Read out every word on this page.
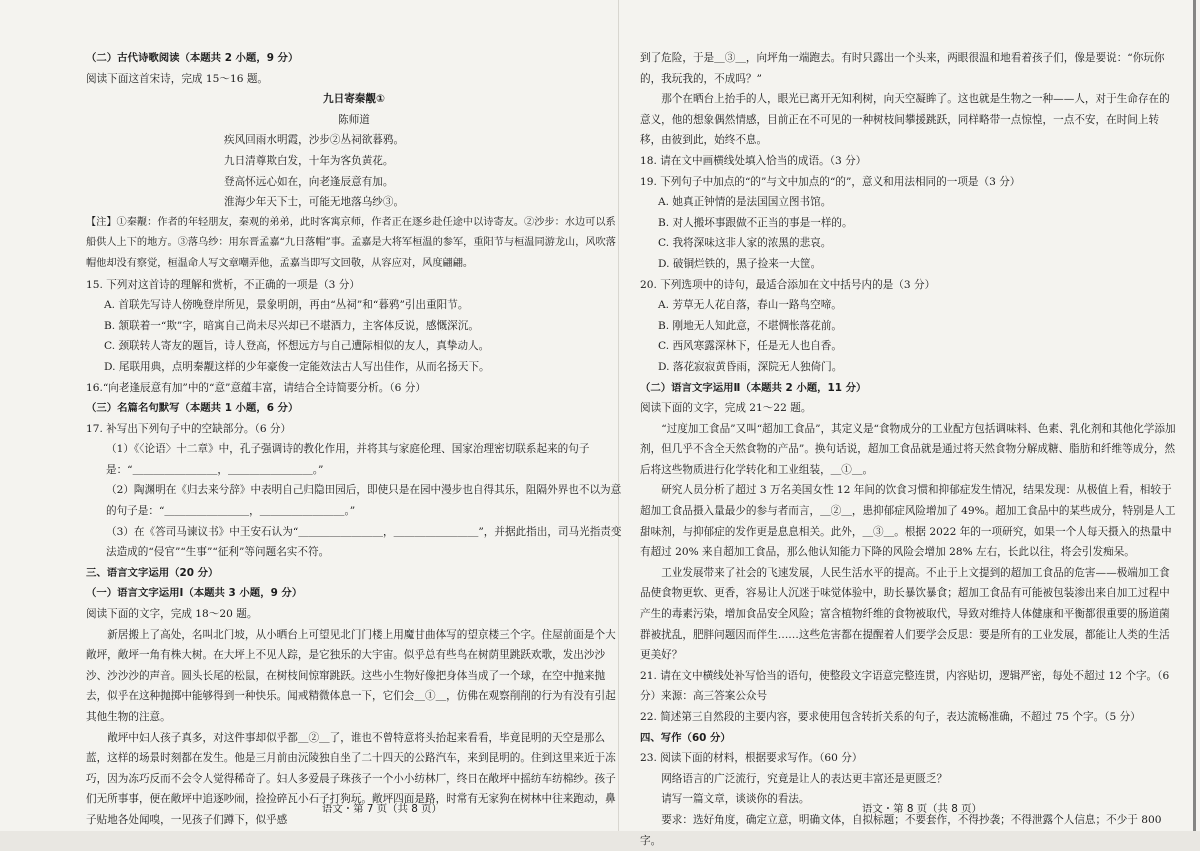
（二）古代诗歌阅读（本题共 2 小题，9 分）

阅读下面这首宋诗，完成 15～16 题。

九日寄秦觏①

陈师道

疾风回雨水明霞，沙步②丛祠欲暮鸦。

九日清尊欺白发，十年为客负黄花。

登高怀远心如在，向老逢辰意有加。

淮海少年天下士，可能无地落乌纱③。

【注】①秦觏：作者的年轻朋友，秦观的弟弟，此时客寓京师，作者正在逐乡赴任途中以诗寄友。②沙步：水边可以系船供人上下的地方。③落乌纱：用东晋孟嘉“九日落帽”事。孟嘉是大将军桓温的参军，重阳节与桓温同游龙山，风吹落帽他却没有察觉，桓温命人写文章嘲弄他，孟嘉当即写文回敬，从容应对，风度翩翩。

15. 下列对这首诗的理解和赏析，不正确的一项是（3 分）

A. 首联先写诗人傍晚登岸所见，景象明朗，再由“丛祠”和“暮鸦”引出重阳节。

B. 颔联着一“欺”字，暗寓自己尚未尽兴却已不堪酒力，主客体反说，感慨深沉。

C. 颈联转人寄友的题旨，诗人登高，怀想远方与自己遭际相似的友人，真挚动人。

D. 尾联用典，点明秦觏这样的少年豪俊一定能效法古人写出佳作，从而名扬天下。

16.“向老逢辰意有加”中的“意”意蕴丰富，请结合全诗简要分析。（6 分）

（三）名篇名句默写（本题共 1 小题，6 分）

17. 补写出下列句子中的空缺部分。（6 分）

（1）《〈论语〉十二章》中，孔子强调诗的教化作用，并将其与家庭伦理、国家治理密切联系起来的句子是：“＿＿＿＿＿＿＿＿，＿＿＿＿＿＿＿＿。”

（2）陶渊明在《归去来兮辞》中表明自己归隐田园后，即使只是在园中漫步也自得其乐，阻隔外界也不以为意的句子是：“＿＿＿＿＿＿＿＿，＿＿＿＿＿＿＿＿。”

（3）在《答司马谏议书》中王安石认为“＿＿＿＿＿＿＿＿，＿＿＿＿＿＿＿＿”，并据此指出，司马光指责变法造成的“侵官”“生事”“征利”等问题名实不符。

三、语言文字运用（20 分）

（一）语言文字运用Ⅰ（本题共 3 小题，9 分）

阅读下面的文字，完成 18～20 题。

新居搬上了高处，名叫北门坡，从小晒台上可望见北门门楼上用魔甘曲体写的望京楼三个字。住屋前面是个大敞坪，敞坪一角有株大树。在大坪上不见人踪，是它独乐的大宇宙。似乎总有些鸟在树荫里跳跃欢歌，发出沙沙沙、沙沙沙的声音。圆头长尾的松鼠，在树枝间惊窜跳跃。这些小生物好像把身体当成了一个球，在空中抛来抛去，似乎在这种抛掷中能够得到一种快乐。闻戒精微体息一下，它们会＿①＿，仿佛在观察削削的行为有没有引起其他生物的注意。

敞坪中妇人孩子真多，对这件事却似乎都＿②＿了，谁也不曾特意将头抬起来看看，毕竟昆明的天空是那么蓝，这样的场景时刻都在发生。他是三月前由沅陵独自坐了二十四天的公路汽车，来到昆明的。住到这里来近于冻巧，因为冻巧反而不会令人觉得稀奇了。妇人多爱晨子珠孩子一个小小纺林厂，终日在敞坪中摇纺车纺棉纱。孩子们无所事事，便在敞坪中追逐吵闹，捡捡碎瓦小石子打狗玩。敞坪四面是路，时常有无家狗在树林中往来跑动，鼻子贴地各处闻嗅，一见孩子们蹲下，似乎感

到了危险，于是＿③＿，向坪角一端跑去。有时只露出一个头来，两眼很温和地看着孩子们，像是要说：“你玩你的，我玩我的，不成吗？”

那个在晒台上抬手的人，眼光已离开无知利树，向天空凝眸了。这也就是生物之一种——人，对于生命存在的意义，他的想象偶然情感，目前正在不可见的一种树枝间攀援跳跃，同样略带一点惊惶，一点不安，在时间上转移，由彼到此，始终不息。

18. 请在文中画横线处填入恰当的成语。（3 分）

19. 下列句子中加点的“的”与文中加点的“的”，意义和用法相同的一项是（3 分）

A. 她真正钟情的是法国国立图书馆。

B. 对人搬坏事跟做不正当的事是一样的。

C. 我将深味这非人家的浓黑的悲哀。

D. 破铜烂铁的，黑子捡来一大筐。

20. 下列选项中的诗句，最适合添加在文中括号内的是（3 分）

A. 芳草无人花自落，春山一路鸟空啼。

B. 刚地无人知此意，不堪惆怅落花前。

C. 西风寒露深林下，任是无人也自香。

D. 落花寂寂黄昏雨，深院无人独倚门。

（二）语言文字运用Ⅱ（本题共 2 小题，11 分）

阅读下面的文字，完成 21～22 题。

“过度加工食品”又叫“超加工食品”，其定义是“食物成分的工业配方包括调味料、色素、乳化剂和其他化学添加剂，但几乎不含全天然食物的产品”。换句话说，超加工食品就是通过将天然食物分解成糖、脂肪和纤维等成分，然后将这些物质进行化学转化和工业组装，＿①＿。

研究人员分析了超过 3 万名美国女性 12 年间的饮食习惯和抑郁症发生情况，结果发现：从极值上看，相较于超加工食品摄入量最少的参与者而言，＿②＿，患抑郁症风险增加了 49%。超加工食品中的某些成分，特别是人工甜味剂，与抑郁症的发作更是息息相关。此外，＿③＿。根据 2022 年的一项研究，如果一个人每天摄入的热量中有超过 20% 来自超加工食品，那么他认知能力下降的风险会增加 28% 左右，长此以往，将会引发痴呆。

工业发展带来了社会的飞速发展，人民生活水平的提高。不止于上文提到的超加工食品的危害——极端加工食品使食物更软、更香，容易让人沉迷于味觉体验中，助长暴饮暴食；超加工食品有可能被包装渗出来自加工过程中产生的毒素污染，增加食品安全风险；富含植物纤维的食物被取代，导致对维持人体健康和平衡都很重要的肠道菌群被扰乱，肥胖问题因而伴生……这些危害都在提醒着人们要学会反思：要是所有的工业发展，都能让人类的生活更美好？

21. 请在文中横线处补写恰当的语句，使整段文字语意完整连贯，内容贴切，逻辑严密，每处不超过 12 个字。（6 分）来源：高三答案公众号

22. 简述第三自然段的主要内容，要求使用包含转折关系的句子，表达流畅准确，不超过 75 个字。（5 分）

四、写作（60 分）

23. 阅读下面的材料，根据要求写作。（60 分）

网络语言的广泛流行，究竟是让人的表达更丰富还是更匮乏？

请写一篇文章，谈谈你的看法。

要求：选好角度，确定立意，明确文体，自拟标题；不要套作，不得抄袭；不得泄露个人信息；不少于 800 字。

语文・第 7 页（共 8 页）	语文・第 8 页（共 8 页）
